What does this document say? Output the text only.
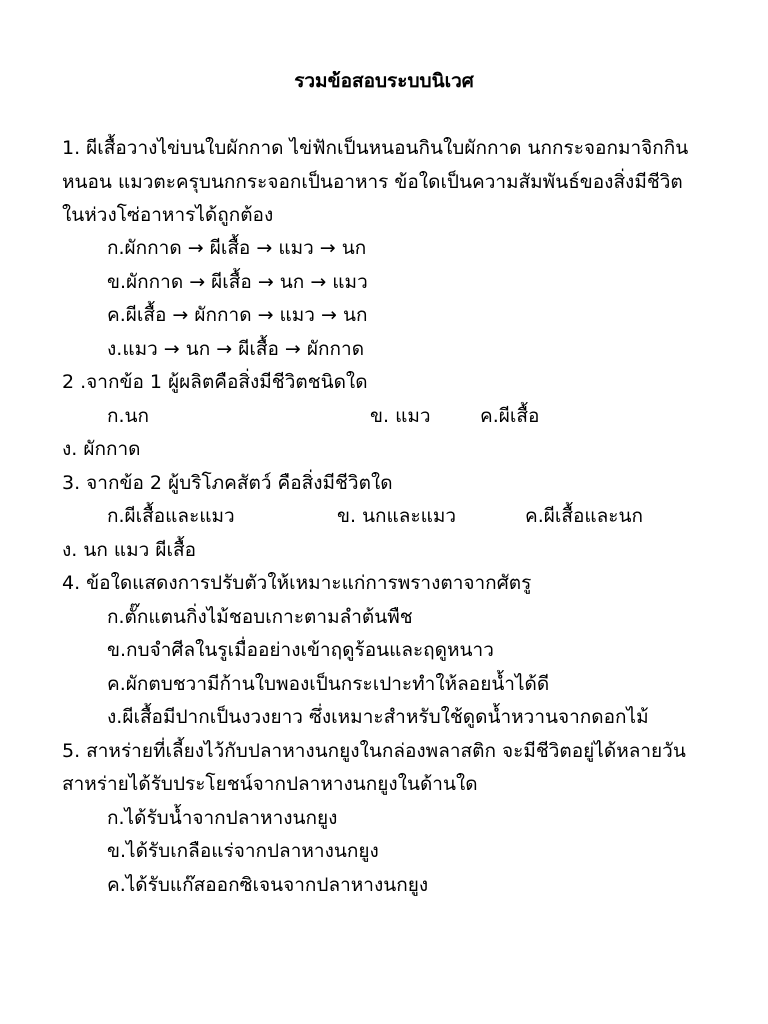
รวมข้อสอบระบบนิเวศ
1. ผีเสื้อวางไข่บนใบผักกาด ไข่ฟักเป็นหนอนกินใบผักกาด นกกระจอกมาจิกกิน
หนอน แมวตะครุบนกกระจอกเป็นอาหาร ข้อใดเป็นความสัมพันธ์ของสิ่งมีชีวิต
ในห่วงโซ่อาหารได้ถูกต้อง
ก.ผักกาด → ผีเสื้อ → แมว → นก
ข.ผักกาด → ผีเสื้อ → นก → แมว
ค.ผีเสื้อ → ผักกาด → แมว → นก
ง.แมว → นก → ผีเสื้อ → ผักกาด
2 .จากข้อ 1 ผู้ผลิตคือสิ่งมีชีวิตชนิดใด
ก.นก	ข. แมว	ค.ผีเสื้อ
ง. ผักกาด
3. จากข้อ 2 ผู้บริโภคสัตว์ คือสิ่งมีชีวิตใด
ก.ผีเสื้อและแมว	ข. นกและแมว	ค.ผีเสื้อและนก
ง. นก แมว ผีเสื้อ
4. ข้อใดแสดงการปรับตัวให้เหมาะแก่การพรางตาจากศัตรู
ก.ตั๊กแตนกิ่งไม้ชอบเกาะตามลำต้นพืช
ข.กบจำศีลในรูเมื่ออย่างเข้าฤดูร้อนและฤดูหนาว
ค.ผักตบชวามีก้านใบพองเป็นกระเปาะทำให้ลอยน้ำได้ดี
ง.ผีเสื้อมีปากเป็นงวงยาว ซึ่งเหมาะสำหรับใช้ดูดน้ำหวานจากดอกไม้
5. สาหร่ายที่เลี้ยงไว้กับปลาหางนกยูงในกล่องพลาสติก จะมีชีวิตอยู่ได้หลายวัน
สาหร่ายได้รับประโยชน์จากปลาหางนกยูงในด้านใด
ก.ได้รับน้ำจากปลาหางนกยูง
ข.ได้รับเกลือแร่จากปลาหางนกยูง
ค.ได้รับแก๊สออกซิเจนจากปลาหางนกยูง
